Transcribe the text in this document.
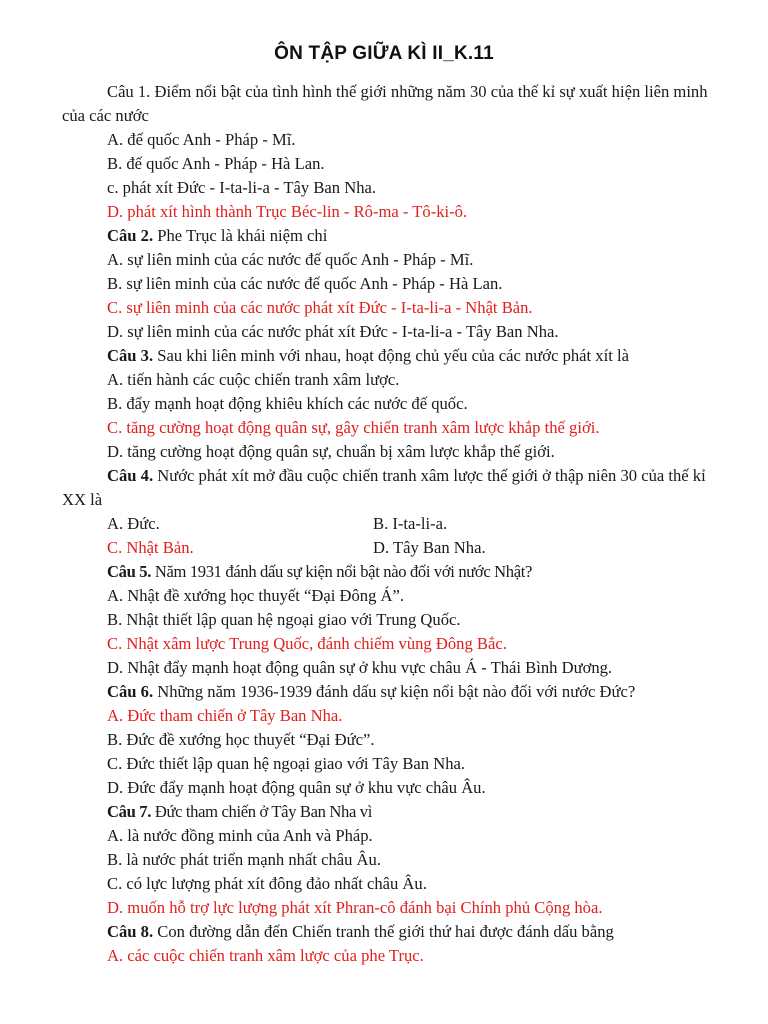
ÔN TẬP GIỮA KÌ II_K.11
Câu 1. Điểm nổi bật của tình hình thế giới những năm 30 của thế kỉ sự xuất hiện liên minh của các nước
A. đế quốc Anh - Pháp - Mĩ.
B. đế quốc Anh - Pháp - Hà Lan.
c. phát xít Đức - I-ta-li-a - Tây Ban Nha.
D. phát xít hình thành Trục Béc-lin - Rô-ma - Tô-ki-ô.
Câu 2. Phe Trục là khái niệm chỉ
A. sự liên minh của các nước đế quốc Anh - Pháp - Mĩ.
B. sự liên minh của các nước đế quốc Anh - Pháp - Hà Lan.
C. sự liên minh của các nước phát xít Đức - I-ta-li-a - Nhật Bản.
D. sự liên minh của các nước phát xít Đức - I-ta-li-a - Tây Ban Nha.
Câu 3. Sau khi liên minh với nhau, hoạt động chủ yếu của các nước phát xít là
A. tiến hành các cuộc chiến tranh xâm lược.
B. đẩy mạnh hoạt động khiêu khích các nước đế quốc.
C. tăng cường hoạt động quân sự, gây chiến tranh xâm lược khắp thế giới.
D. tăng cường hoạt động quân sự, chuẩn bị xâm lược khắp thế giới.
Câu 4. Nước phát xít mở đầu cuộc chiến tranh xâm lược thế giới ở thập niên 30 của thế kỉ XX là
A. Đức.	B. I-ta-li-a.
C. Nhật Bản.	D. Tây Ban Nha.
Câu 5. Năm 1931 đánh dấu sự kiện nổi bật nào đối với nước Nhật?
A. Nhật đề xướng học thuyết “Đại Đông Á”.
B. Nhật thiết lập quan hệ ngoại giao với Trung Quốc.
C. Nhật xâm lược Trung Quốc, đánh chiếm vùng Đông Bắc.
D. Nhật đẩy mạnh hoạt động quân sự ở khu vực châu Á - Thái Bình Dương.
Câu 6. Những năm 1936-1939 đánh dấu sự kiện nổi bật nào đối với nước Đức?
A. Đức tham chiến ở Tây Ban Nha.
B. Đức đề xướng học thuyết “Đại Đức”.
C. Đức thiết lập quan hệ ngoại giao với Tây Ban Nha.
D. Đức đẩy mạnh hoạt động quân sự ở khu vực châu Âu.
Câu 7. Đức tham chiến ở Tây Ban Nha vì
A. là nước đồng minh của Anh và Pháp.
B. là nước phát triển mạnh nhất châu Âu.
C. có lực lượng phát xít đông đảo nhất châu Âu.
D. muốn hỗ trợ lực lượng phát xít Phran-cô đánh bại Chính phủ Cộng hòa.
Câu 8. Con đường dẫn đến Chiến tranh thế giới thứ hai được đánh dấu bằng
A. các cuộc chiến tranh xâm lược của phe Trục.
